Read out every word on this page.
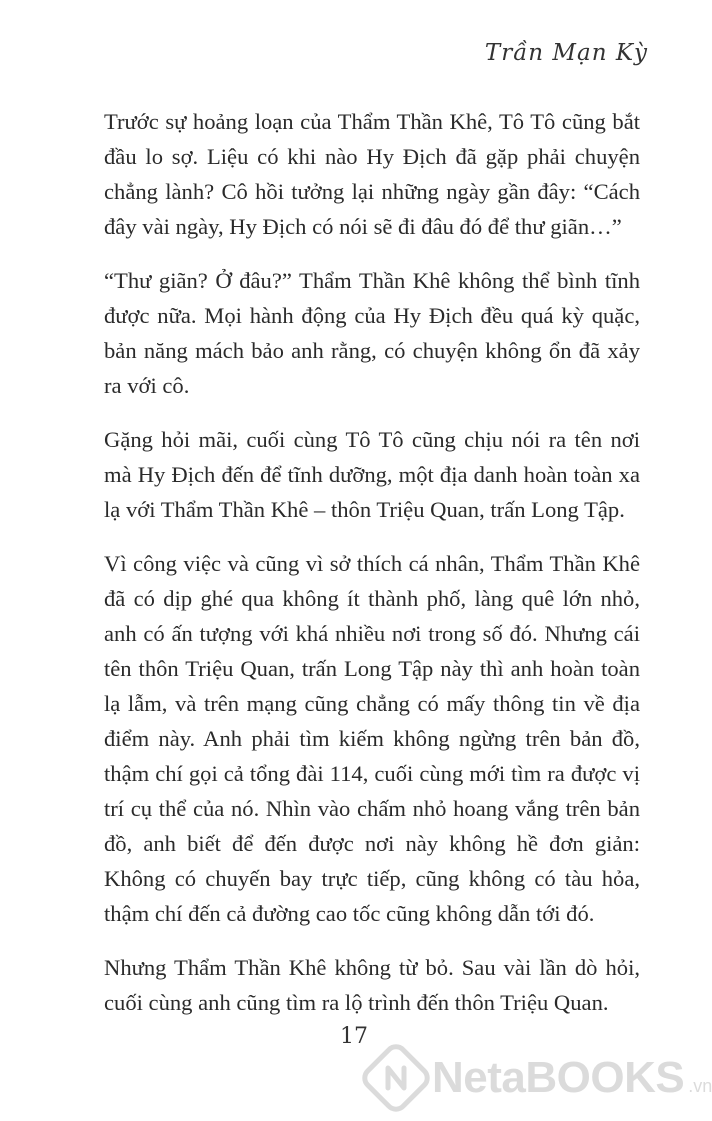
Trần Mạn Kỳ

Trước sự hoảng loạn của Thẩm Thần Khê, Tô Tô cũng bắt đầu lo sợ. Liệu có khi nào Hy Địch đã gặp phải chuyện chẳng lành? Cô hồi tưởng lại những ngày gần đây: “Cách đây vài ngày, Hy Địch có nói sẽ đi đâu đó để thư giãn…”

“Thư giãn? Ở đâu?” Thẩm Thần Khê không thể bình tĩnh được nữa. Mọi hành động của Hy Địch đều quá kỳ quặc, bản năng mách bảo anh rằng, có chuyện không ổn đã xảy ra với cô.

Gặng hỏi mãi, cuối cùng Tô Tô cũng chịu nói ra tên nơi mà Hy Địch đến để tĩnh dưỡng, một địa danh hoàn toàn xa lạ với Thẩm Thần Khê – thôn Triệu Quan, trấn Long Tập.

Vì công việc và cũng vì sở thích cá nhân, Thẩm Thần Khê đã có dịp ghé qua không ít thành phố, làng quê lớn nhỏ, anh có ấn tượng với khá nhiều nơi trong số đó. Nhưng cái tên thôn Triệu Quan, trấn Long Tập này thì anh hoàn toàn lạ lẫm, và trên mạng cũng chẳng có mấy thông tin về địa điểm này. Anh phải tìm kiếm không ngừng trên bản đồ, thậm chí gọi cả tổng đài 114, cuối cùng mới tìm ra được vị trí cụ thể của nó. Nhìn vào chấm nhỏ hoang vắng trên bản đồ, anh biết để đến được nơi này không hề đơn giản: Không có chuyến bay trực tiếp, cũng không có tàu hỏa, thậm chí đến cả đường cao tốc cũng không dẫn tới đó.

Nhưng Thẩm Thần Khê không từ bỏ. Sau vài lần dò hỏi, cuối cùng anh cũng tìm ra lộ trình đến thôn Triệu Quan.

17
NetaBOOKS .vn
